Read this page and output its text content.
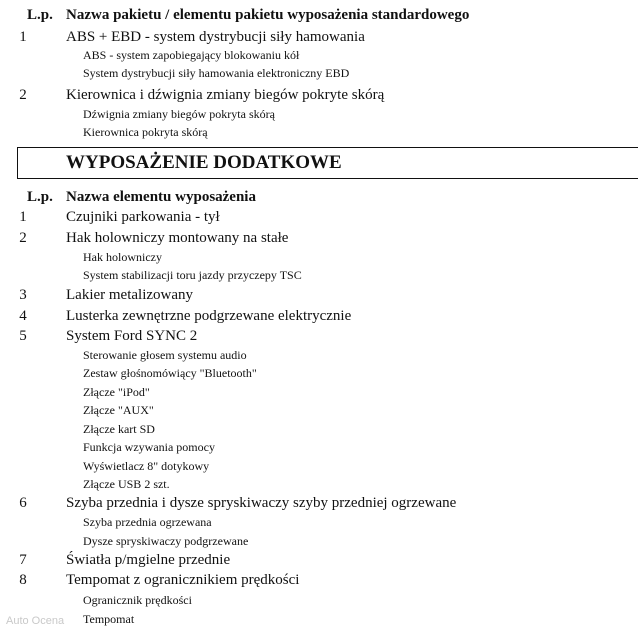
L.p. Nazwa pakietu / elementu pakietu wyposażenia standardowego
1	ABS + EBD - system dystrybucji siły hamowania
ABS - system zapobiegający blokowaniu kół
System dystrybucji siły hamowania elektroniczny EBD
2	Kierownica i dźwignia zmiany biegów pokryte skórą
Dźwignia zmiany biegów pokryta skórą
Kierownica pokryta skórą
WYPOSAŻENIE DODATKOWE
L.p. Nazwa elementu wyposażenia
1	Czujniki parkowania - tył
2	Hak holowniczy montowany na stałe
Hak holowniczy
System stabilizacji toru jazdy przyczepy TSC
3	Lakier metalizowany
4	Lusterka zewnętrzne podgrzewane elektrycznie
5	System Ford SYNC 2
Sterowanie głosem systemu audio
Zestaw głośnomówiący "Bluetooth"
Złącze "iPod"
Złącze "AUX"
Złącze kart SD
Funkcja wzywania pomocy
Wyświetlacz 8" dotykowy
Złącze USB 2 szt.
6	Szyba przednia i dysze spryskiwaczy szyby przedniej ogrzewane
Szyba przednia ogrzewana
Dysze spryskiwaczy podgrzewane
7	Światła p/mgielne przednie
8	Tempomat z ogranicznikiem prędkości
Ogranicznik prędkości
Tempomat
Auto Ocena
